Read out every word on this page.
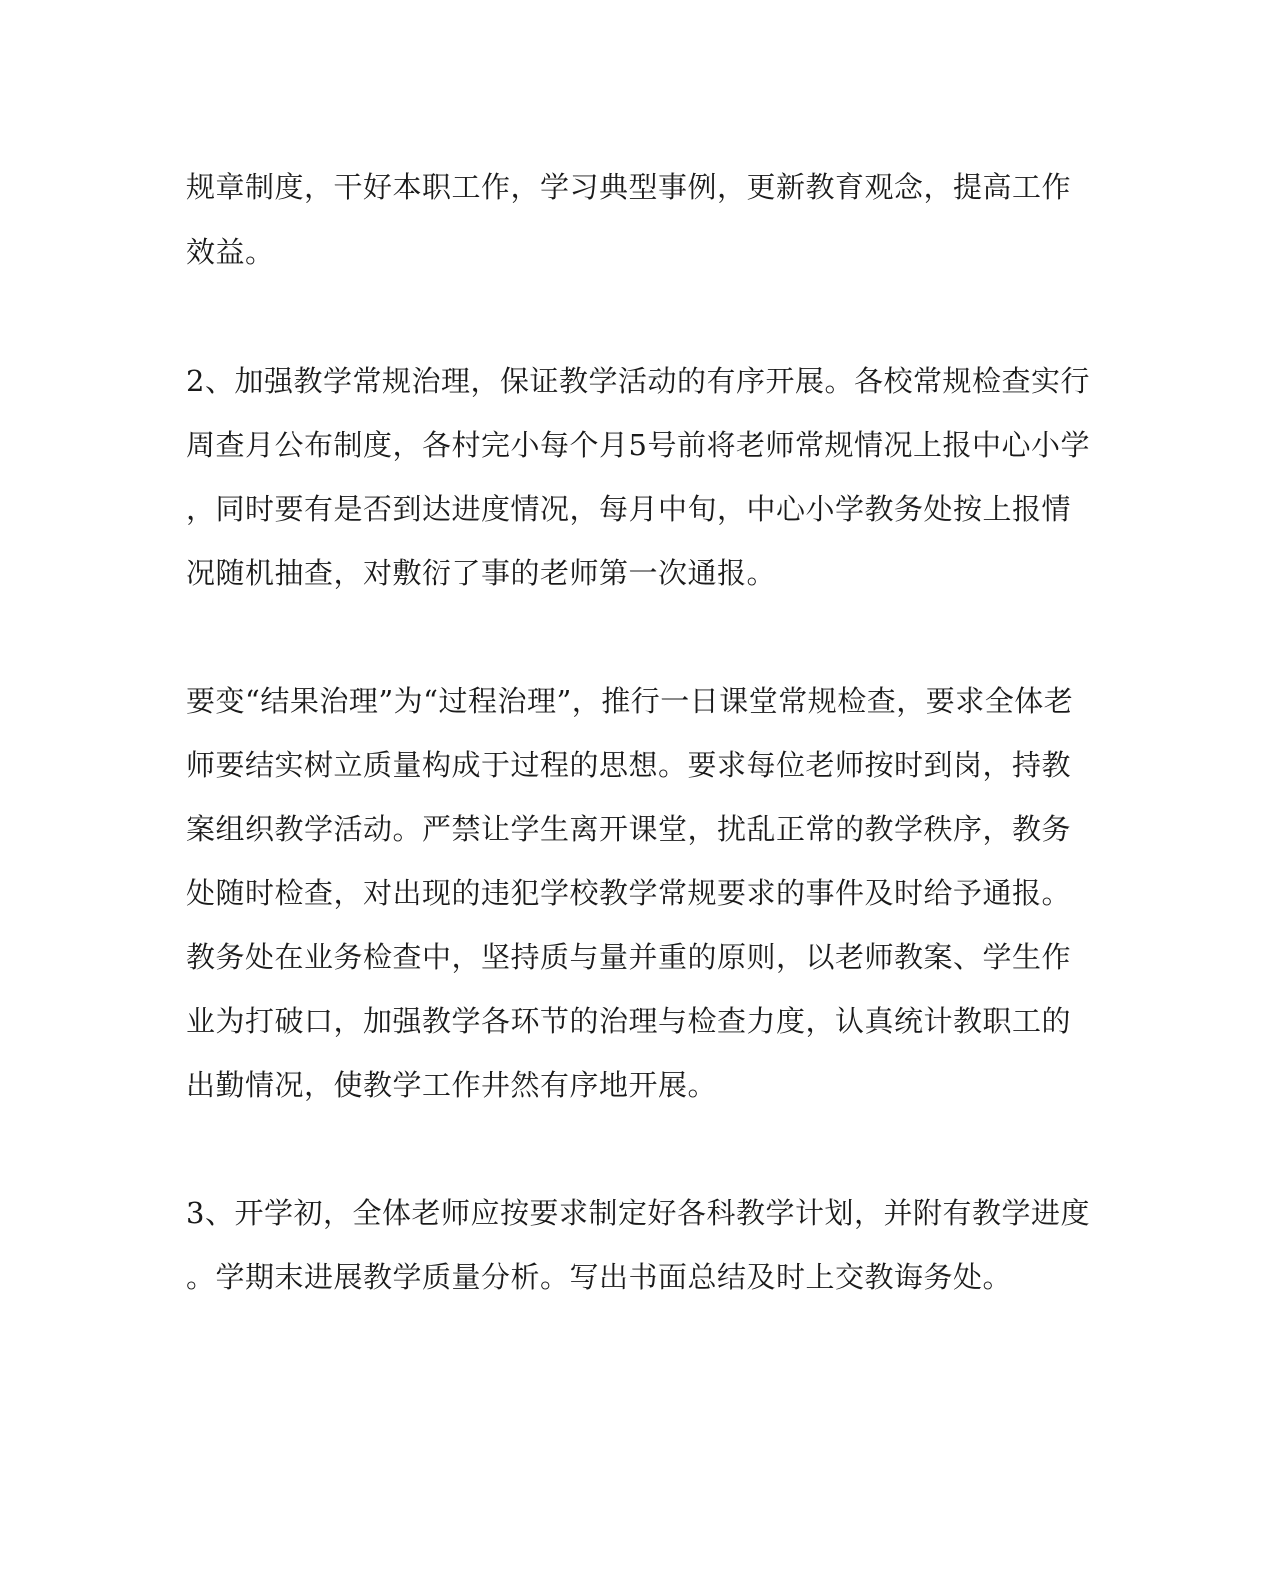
规章制度，干好本职工作，学习典型事例，更新教育观念，提高工作
效益。
2、加强教学常规治理，保证教学活动的有序开展。各校常规检查实行
周查月公布制度，各村完小每个月5号前将老师常规情况上报中心小学
，同时要有是否到达进度情况，每月中旬，中心小学教务处按上报情
况随机抽查，对敷衍了事的老师第一次通报。
要变“结果治理”为“过程治理”，推行一日课堂常规检查，要求全体老
师要结实树立质量构成于过程的思想。要求每位老师按时到岗，持教
案组织教学活动。严禁让学生离开课堂，扰乱正常的教学秩序，教务
处随时检查，对出现的违犯学校教学常规要求的事件及时给予通报。
教务处在业务检查中，坚持质与量并重的原则，以老师教案、学生作
业为打破口，加强教学各环节的治理与检查力度，认真统计教职工的
出勤情况，使教学工作井然有序地开展。
3、开学初，全体老师应按要求制定好各科教学计划，并附有教学进度
。学期末进展教学质量分析。写出书面总结及时上交教诲务处。
